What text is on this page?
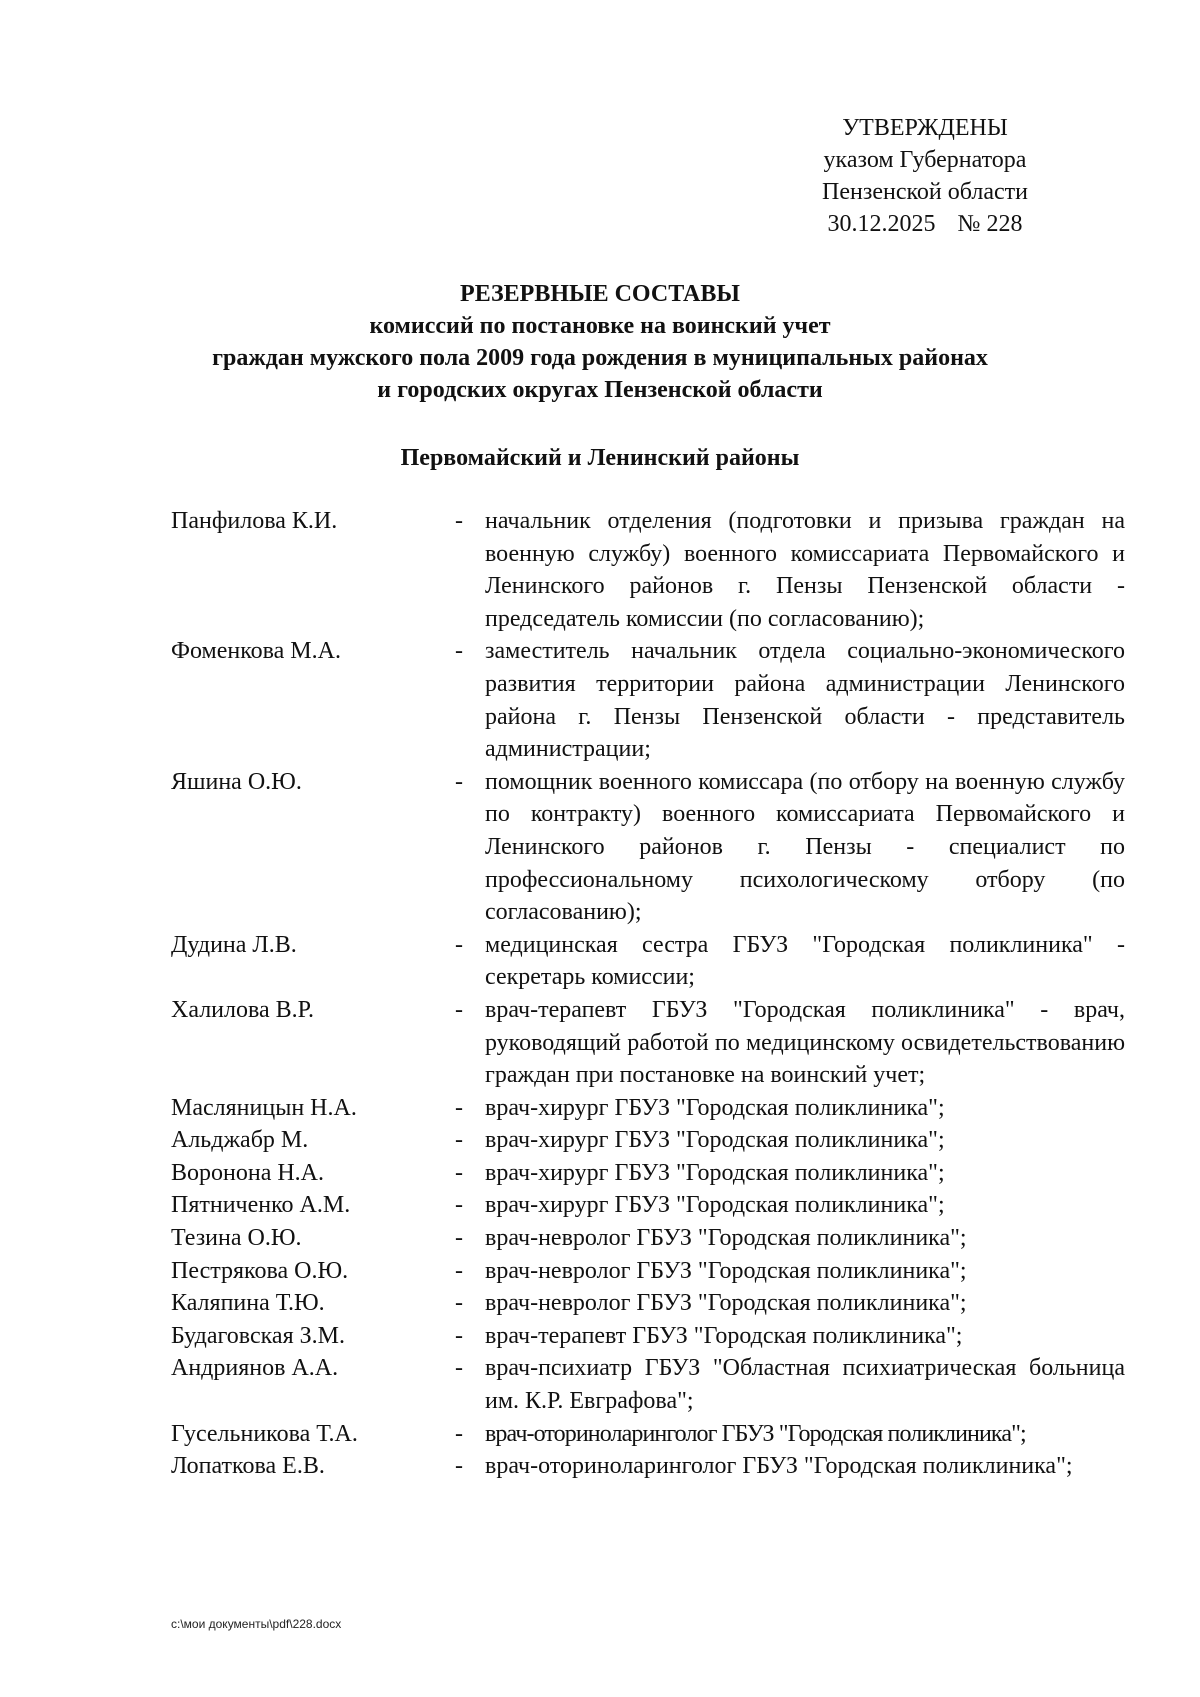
УТВЕРЖДЕНЫ
указом Губернатора
Пензенской области
30.12.2025 № 228
РЕЗЕРВНЫЕ СОСТАВЫ
комиссий по постановке на воинский учет
граждан мужского пола 2009 года рождения в муниципальных районах
и городских округах Пензенской области
Первомайский и Ленинский районы
Панфилова К.И.	- начальник отделения (подготовки и призыва граждан на военную службу) военного комиссариата Первомайского и Ленинского районов г. Пензы Пензенской области - председатель комиссии (по согласованию);
Фоменкова М.А.	- заместитель начальник отдела социально-экономического развития территории района администрации Ленинского района г. Пензы Пензенской области - представитель администрации;
Яшина О.Ю.	- помощник военного комиссара (по отбору на военную службу по контракту) военного комиссариата Первомайского и Ленинского районов г. Пензы - специалист по профессиональному психологическому отбору (по согласованию);
Дудина Л.В.	- медицинская сестра ГБУЗ "Городская поликлиника" - секретарь комиссии;
Халилова В.Р.	- врач-терапевт ГБУЗ "Городская поликлиника" - врач, руководящий работой по медицинскому освидетельствованию граждан при постановке на воинский учет;
Масляницын Н.А.	- врач-хирург ГБУЗ "Городская поликлиника";
Альджабр М.	- врач-хирург ГБУЗ "Городская поликлиника";
Воронона Н.А.	- врач-хирург ГБУЗ "Городская поликлиника";
Пятниченко А.М.	- врач-хирург ГБУЗ "Городская поликлиника";
Тезина О.Ю.	- врач-невролог ГБУЗ "Городская поликлиника";
Пестрякова О.Ю.	- врач-невролог ГБУЗ "Городская поликлиника";
Каляпина Т.Ю.	- врач-невролог ГБУЗ "Городская поликлиника";
Будаговская З.М.	- врач-терапевт ГБУЗ "Городская поликлиника";
Андриянов А.А.	- врач-психиатр ГБУЗ "Областная психиатрическая больница им. К.Р. Евграфова";
Гусельникова Т.А.	- врач-оториноларинголог ГБУЗ "Городская поликлиника";
Лопаткова Е.В.	- врач-оториноларинголог ГБУЗ "Городская поликлиника";
c:\мои документы\pdf\228.docx
